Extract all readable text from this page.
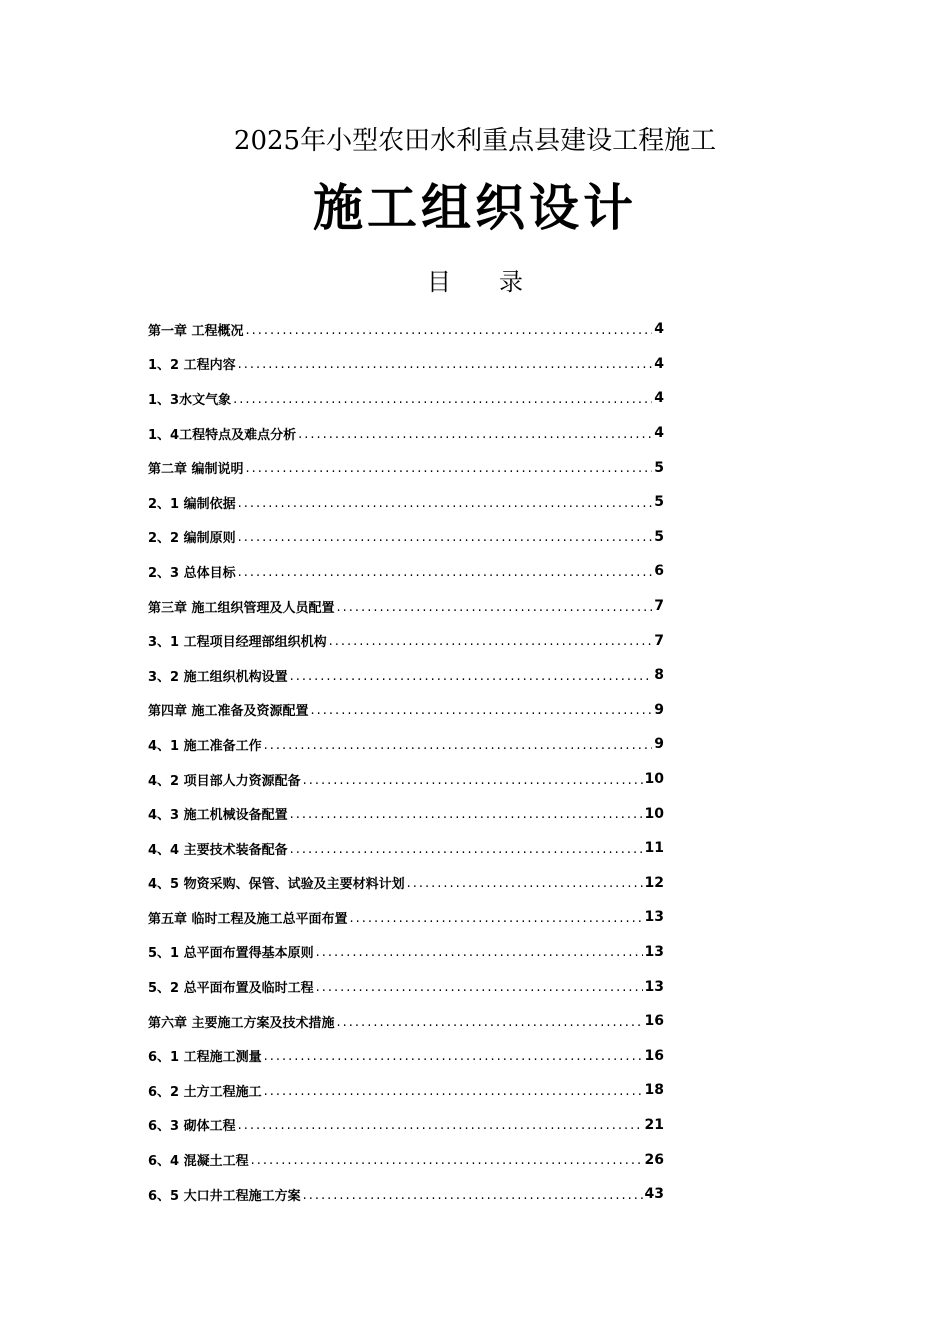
2025年小型农田水利重点县建设工程施工
施工组织设计
目 录
第一章 工程概况 .....	4
1、2 工程内容 .....	4
1、3水文气象 .....	4
1、4工程特点及难点分析 .....	4
第二章 编制说明 .....	5
2、1 编制依据 .....	5
2、2 编制原则 .....	5
2、3 总体目标 .....	6
第三章 施工组织管理及人员配置 .....	7
3、1 工程项目经理部组织机构 .....	7
3、2 施工组织机构设置 .....	8
第四章 施工准备及资源配置 .....	9
4、1 施工准备工作 .....	9
4、2 项目部人力资源配备 .....	10
4、3 施工机械设备配置 .....	10
4、4 主要技术装备配备 .....	11
4、5 物资采购、保管、试验及主要材料计划 .....	12
第五章 临时工程及施工总平面布置 .....	13
5、1 总平面布置得基本原则 .....	13
5、2 总平面布置及临时工程 .....	13
第六章 主要施工方案及技术措施 .....	16
6、1 工程施工测量 .....	16
6、2 土方工程施工 .....	18
6、3 砌体工程 .....	21
6、4 混凝土工程 .....	26
6、5 大口井工程施工方案 .....	43
